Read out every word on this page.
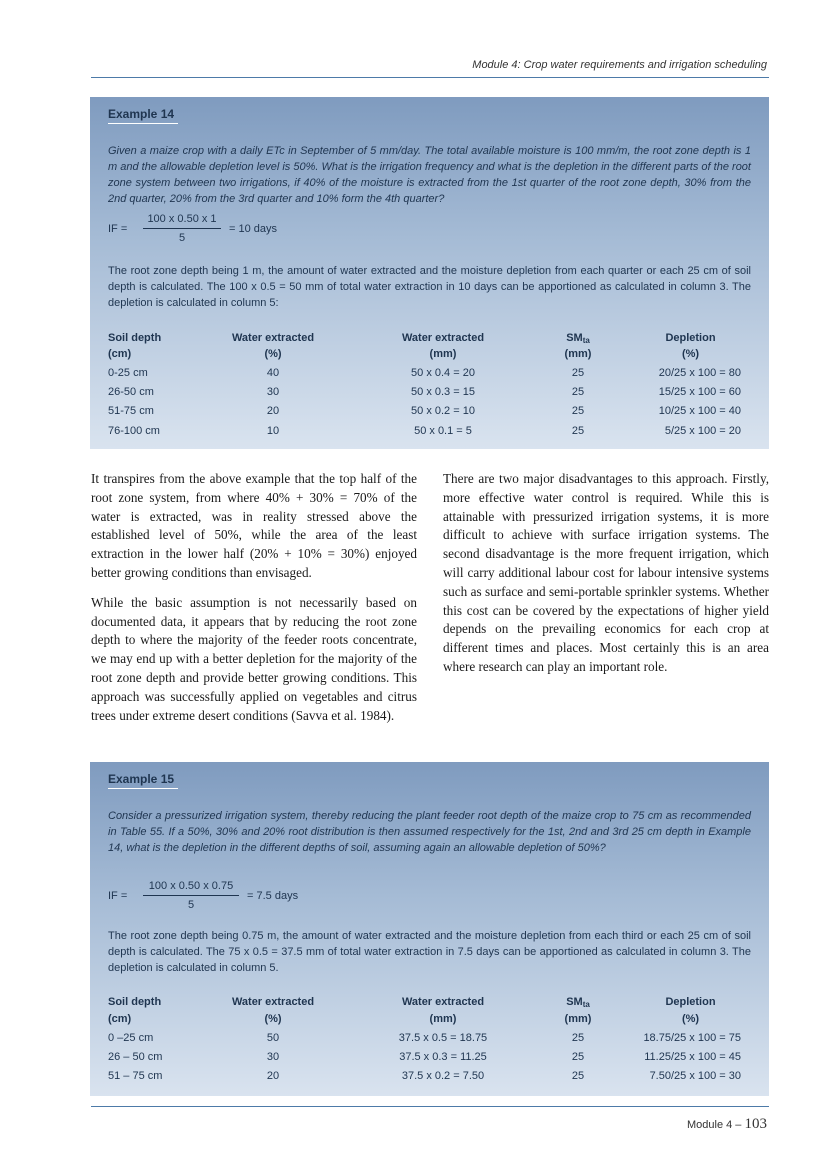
Module 4: Crop water requirements and irrigation scheduling
Example 14
Given a maize crop with a daily ETc in September of 5 mm/day. The total available moisture is 100 mm/m, the root zone depth is 1 m and the allowable depletion level is 50%. What is the irrigation frequency and what is the depletion in the different parts of the root zone system between two irrigations, if 40% of the moisture is extracted from the 1st quarter of the root zone depth, 30% from the 2nd quarter, 20% from the 3rd quarter and 10% form the 4th quarter?
IF =
100 x 0.50 x 1
5
= 10 days
The root zone depth being 1 m, the amount of water extracted and the moisture depletion from each quarter or each 25 cm of soil depth is calculated. The 100 x 0.5 = 50 mm of total water extraction in 10 days can be apportioned as calculated in column 3. The depletion is calculated in column 5:
Soil depth	Water extracted	Water extracted	$SM_{ta}$	Depletion
(cm)	(%)	(mm)	(mm)	(%)
0-25 cm	40	50 x 0.4 = 20	25	20/25 x 100 = 80
26-50 cm	30	50 x 0.3 = 15	25	15/25 x 100 = 60
51-75 cm	20	50 x 0.2 = 10	25	10/25 x 100 = 40
76-100 cm	10	50 x 0.1 = 5	25	5/25 x 100 = 20

It transpires from the above example that the top half of the root zone system, from where 40% + 30% = 70% of the water is extracted, was in reality stressed above the established level of 50%, while the area of the least extraction in the lower half (20% + 10% = 30%) enjoyed better growing conditions than envisaged.

While the basic assumption is not necessarily based on documented data, it appears that by reducing the root zone depth to where the majority of the feeder roots concentrate, we may end up with a better depletion for the majority of the root zone depth and provide better growing conditions. This approach was successfully applied on vegetables and citrus trees under extreme desert conditions (Savva et al. 1984).

There are two major disadvantages to this approach. Firstly, more effective water control is required. While this is attainable with pressurized irrigation systems, it is more difficult to achieve with surface irrigation systems. The second disadvantage is the more frequent irrigation, which will carry additional labour cost for labour intensive systems such as surface and semi-portable sprinkler systems. Whether this cost can be covered by the expectations of higher yield depends on the prevailing economics for each crop at different times and places. Most certainly this is an area where research can play an important role.

Example 15
Consider a pressurized irrigation system, thereby reducing the plant feeder root depth of the maize crop to 75 cm as recommended in Table 55. If a 50%, 30% and 20% root distribution is then assumed respectively for the 1st, 2nd and 3rd 25 cm depth in Example 14, what is the depletion in the different depths of soil, assuming again an allowable depletion of 50%?
IF =
100 x 0.50 x 0.75
5
= 7.5 days
The root zone depth being 0.75 m, the amount of water extracted and the moisture depletion from each third or each 25 cm of soil depth is calculated. The 75 x 0.5 = 37.5 mm of total water extraction in 7.5 days can be apportioned as calculated in column 3. The depletion is calculated in column 5.
Soil depth	Water extracted	Water extracted	$SM_{ta}$	Depletion
(cm)	(%)	(mm)	(mm)	(%)
0 –25 cm	50	37.5 x 0.5 = 18.75	25	18.75/25 x 100 = 75
26 – 50 cm	30	37.5 x 0.3 = 11.25	25	11.25/25 x 100 = 45
51 – 75 cm	20	37.5 x 0.2 = 7.50	25	7.50/25 x 100 = 30
Module 4 – 103
